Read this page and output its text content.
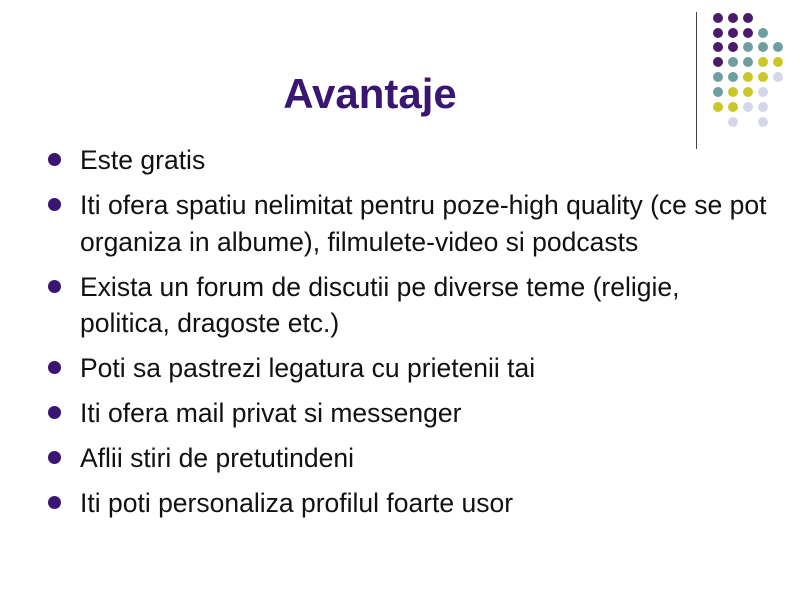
Avantaje
Este gratis
Iti ofera spatiu nelimitat pentru poze-high quality (ce se pot organiza in albume), filmulete-video si podcasts
Exista un forum de discutii pe diverse teme (religie, politica, dragoste etc.)
Poti sa pastrezi legatura cu prietenii tai
Iti ofera mail privat si messenger
Aflii stiri de pretutindeni
Iti poti personaliza profilul foarte usor
